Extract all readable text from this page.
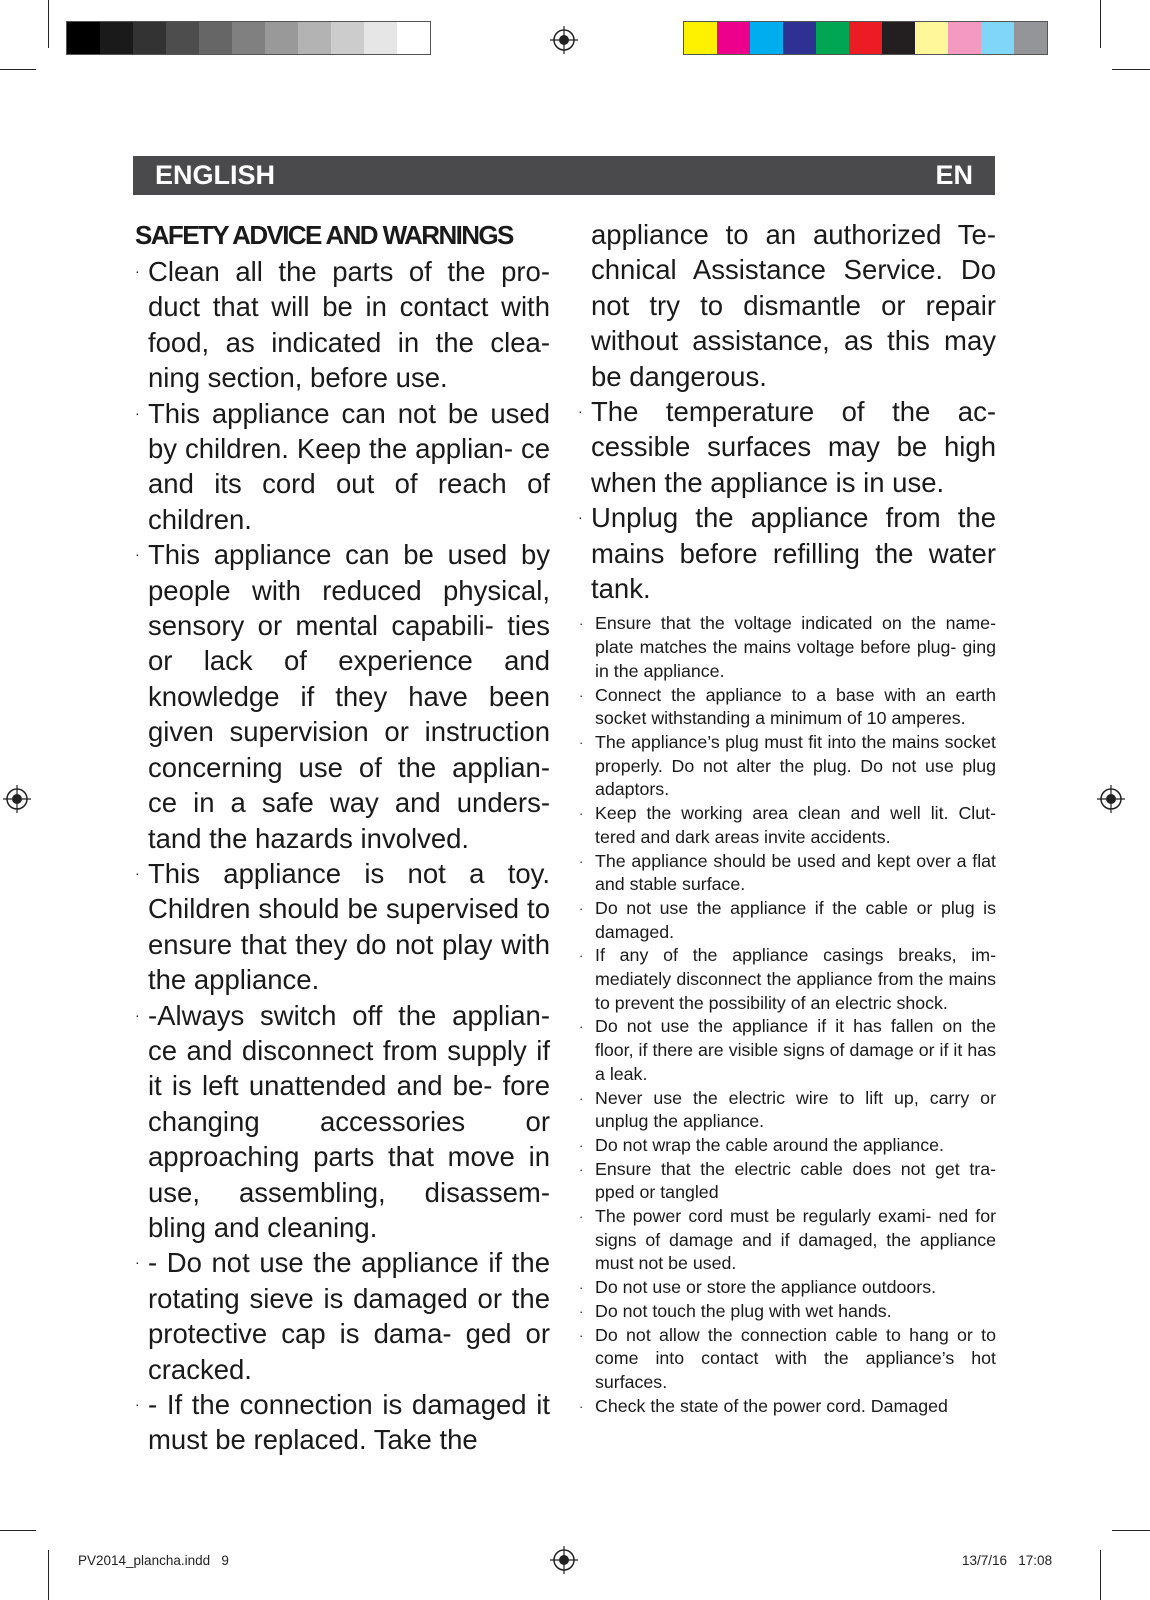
ENGLISH	EN
SAFETY ADVICE AND WARNINGS
· Clean all the parts of the pro- duct that will be in contact with food, as indicated in the clea- ning section, before use.
· This appliance can not be used by children. Keep the applian- ce and its cord out of reach of children.
· This appliance can be used by people with reduced physical, sensory or mental capabili- ties or lack of experience and knowledge if they have been given supervision or instruction concerning use of the applian- ce in a safe way and unders- tand the hazards involved.
· This appliance is not a toy. Children should be supervised to ensure that they do not play with the appliance.
· -Always switch off the applian- ce and disconnect from supply if it is left unattended and be- fore changing accessories or approaching parts that move in use, assembling, disassem- bling and cleaning.
· - Do not use the appliance if the rotating sieve is damaged or the protective cap is dama- ged or cracked.
· - If the connection is damaged it must be replaced. Take the
appliance to an authorized Te- chnical Assistance Service. Do not try to dismantle or repair without assistance, as this may be dangerous.
· The temperature of the ac- cessible surfaces may be high when the appliance is in use.
· Unplug the appliance from the mains before refilling the water tank.
· Ensure that the voltage indicated on the name- plate matches the mains voltage before plug- ging in the appliance.
· Connect the appliance to a base with an earth socket withstanding a minimum of 10 amperes.
· The appliance’s plug must fit into the mains socket properly. Do not alter the plug. Do not use plug adaptors.
· Keep the working area clean and well lit. Clut- tered and dark areas invite accidents.
· The appliance should be used and kept over a flat and stable surface.
· Do not use the appliance if the cable or plug is damaged.
· If any of the appliance casings breaks, im- mediately disconnect the appliance from the mains to prevent the possibility of an electric shock.
· Do not use the appliance if it has fallen on the floor, if there are visible signs of damage or if it has a leak.
· Never use the electric wire to lift up, carry or unplug the appliance.
· Do not wrap the cable around the appliance.
· Ensure that the electric cable does not get tra- pped or tangled
· The power cord must be regularly exami- ned for signs of damage and if damaged, the appliance must not be used.
· Do not use or store the appliance outdoors.
· Do not touch the plug with wet hands.
· Do not allow the connection cable to hang or to come into contact with the appliance’s hot surfaces.
· Check the state of the power cord. Damaged
PV2014_plancha.indd   9	13/7/16   17:08
